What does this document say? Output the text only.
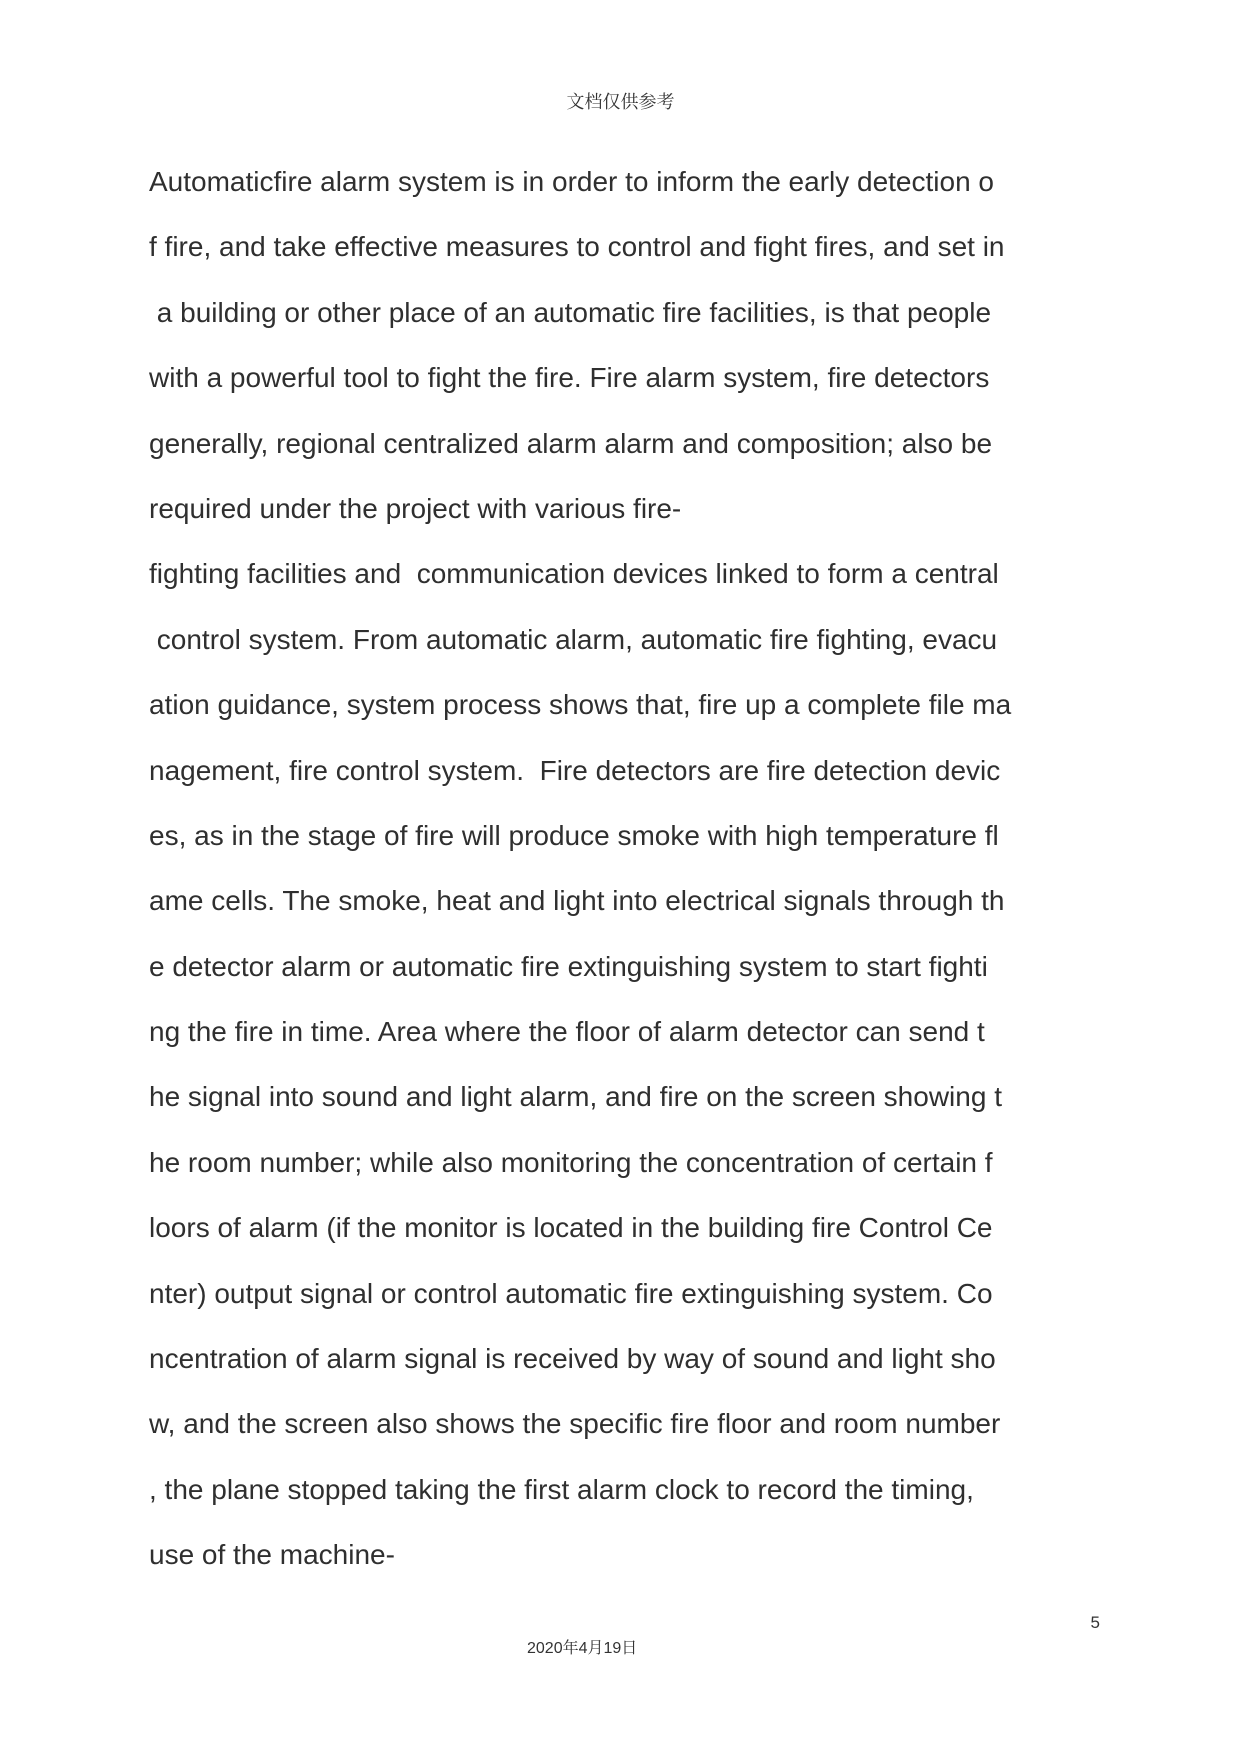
文档仅供参考
Automaticfire alarm system is in order to inform the early detection o
f fire, and take effective measures to control and fight fires, and set in
a building or other place of an automatic fire facilities, is that people
with a powerful tool to fight the fire. Fire alarm system, fire detectors
generally, regional centralized alarm alarm and composition; also be
required under the project with various fire-
fighting facilities and  communication devices linked to form a central
control system. From automatic alarm, automatic fire fighting, evacu
ation guidance, system process shows that, fire up a complete file ma
nagement, fire control system.  Fire detectors are fire detection devic
es, as in the stage of fire will produce smoke with high temperature fl
ame cells. The smoke, heat and light into electrical signals through th
e detector alarm or automatic fire extinguishing system to start fighti
ng the fire in time. Area where the floor of alarm detector can send t
he signal into sound and light alarm, and fire on the screen showing t
he room number; while also monitoring the concentration of certain f
loors of alarm (if the monitor is located in the building fire Control Ce
nter) output signal or control automatic fire extinguishing system. Co
ncentration of alarm signal is received by way of sound and light sho
w, and the screen also shows the specific fire floor and room number
, the plane stopped taking the first alarm clock to record the timing,
use of the machine-
5
2020年4月19日
